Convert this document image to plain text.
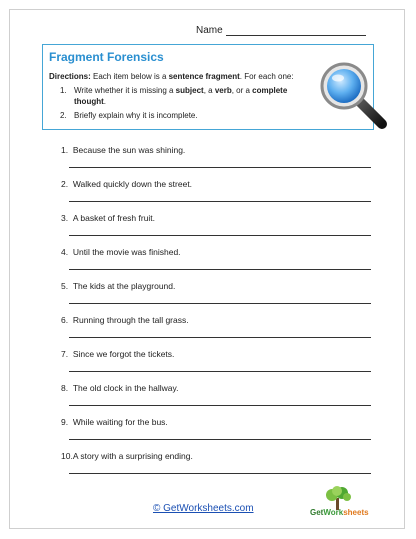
Name
Fragment Forensics
Directions: Each item below is a sentence fragment. For each one:
1. Write whether it is missing a subject, a verb, or a complete thought.
2. Briefly explain why it is incomplete.
1. Because the sun was shining.
2. Walked quickly down the street.
3. A basket of fresh fruit.
4. Until the movie was finished.
5. The kids at the playground.
6. Running through the tall grass.
7. Since we forgot the tickets.
8. The old clock in the hallway.
9. While waiting for the bus.
10.A story with a surprising ending.
© GetWorksheets.com	GetWorksheets
